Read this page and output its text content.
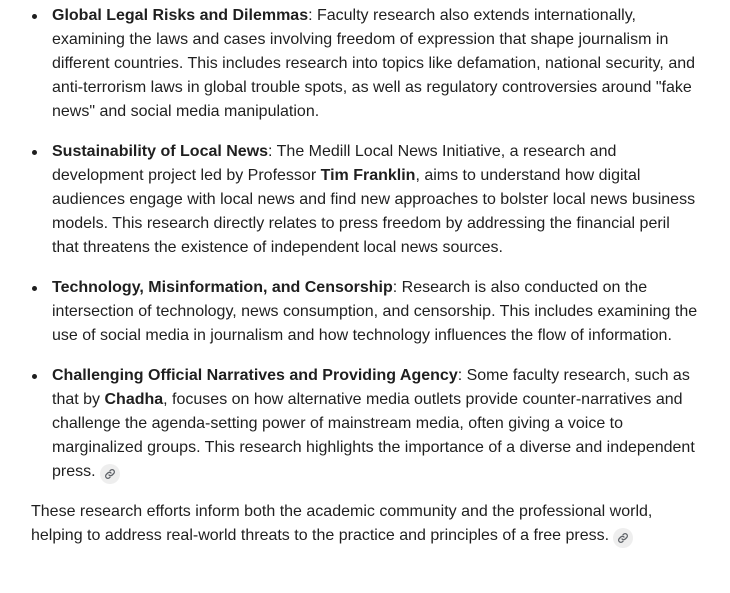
Global Legal Risks and Dilemmas: Faculty research also extends internationally, examining the laws and cases involving freedom of expression that shape journalism in different countries. This includes research into topics like defamation, national security, and anti-terrorism laws in global trouble spots, as well as regulatory controversies around "fake news" and social media manipulation.
Sustainability of Local News: The Medill Local News Initiative, a research and development project led by Professor Tim Franklin, aims to understand how digital audiences engage with local news and find new approaches to bolster local news business models. This research directly relates to press freedom by addressing the financial peril that threatens the existence of independent local news sources.
Technology, Misinformation, and Censorship: Research is also conducted on the intersection of technology, news consumption, and censorship. This includes examining the use of social media in journalism and how technology influences the flow of information.
Challenging Official Narratives and Providing Agency: Some faculty research, such as that by Chadha, focuses on how alternative media outlets provide counter-narratives and challenge the agenda-setting power of mainstream media, often giving a voice to marginalized groups. This research highlights the importance of a diverse and independent press.

These research efforts inform both the academic community and the professional world, helping to address real-world threats to the practice and principles of a free press.
